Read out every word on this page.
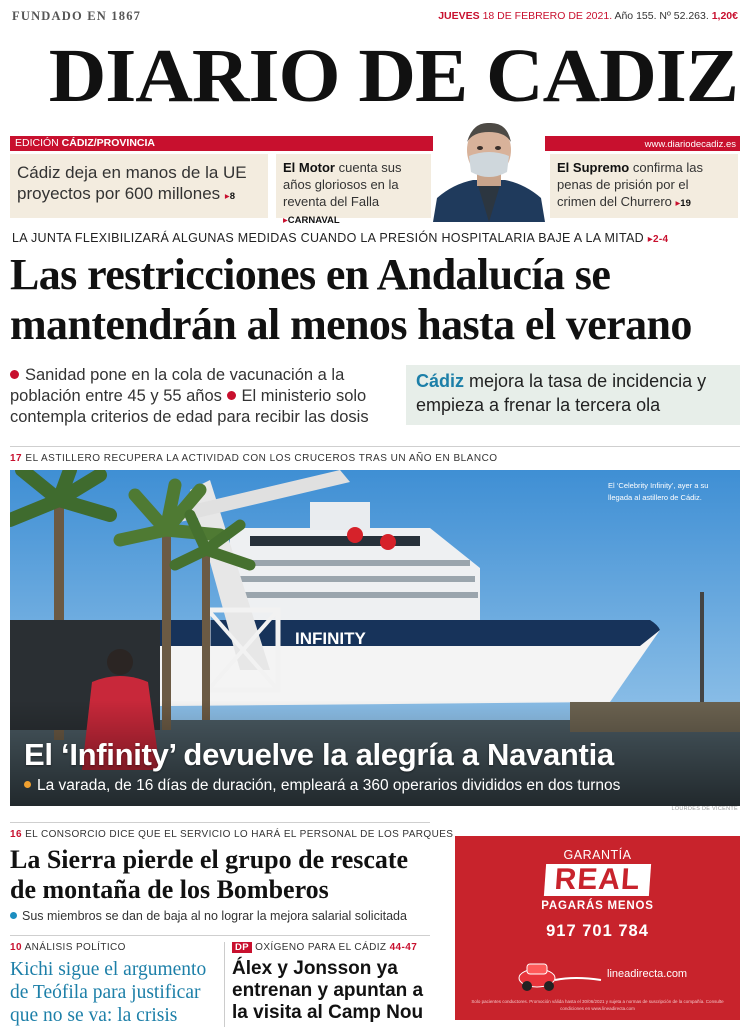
FUNDADO EN 1867	JUEVES 18 DE FEBRERO DE 2021. Año 155. Nº 52.263. 1,20€
DIARIO DE CADIZ
EDICIÓN CÁDIZ/PROVINCIA	www.diariodecadiz.es
Cádiz deja en manos de la UE proyectos por 600 millones ▸8
El Motor cuenta sus años gloriosos en la reventa del Falla ▸CARNAVAL
El Supremo confirma las penas de prisión por el crimen del Churrero ▸19
LA JUNTA FLEXIBILIZARÁ ALGUNAS MEDIDAS CUANDO LA PRESIÓN HOSPITALARIA BAJE A LA MITAD ▸2-4
Las restricciones en Andalucía se mantendrán al menos hasta el verano
Sanidad pone en la cola de vacunación a la población entre 45 y 55 años El ministerio solo contempla criterios de edad para recibir las dosis
Cádiz mejora la tasa de incidencia y empieza a frenar la tercera ola
17 EL ASTILLERO RECUPERA LA ACTIVIDAD CON LOS CRUCEROS TRAS UN AÑO EN BLANCO
INFINITY
El ‘Celebrity Infinity’, ayer a su llegada al astillero de Cádiz.
El ‘Infinity’ devuelve la alegría a Navantia
La varada, de 16 días de duración, empleará a 360 operarios divididos en dos turnos
LOURDES DE VICENTE
16 EL CONSORCIO DICE QUE EL SERVICIO LO HARÁ EL PERSONAL DE LOS PARQUES
La Sierra pierde el grupo de rescate de montaña de los Bomberos
Sus miembros se dan de baja al no lograr la mejora salarial solicitada
10 ANÁLISIS POLÍTICO
Kichi sigue el argumento de Teófila para justificar que no se va: la crisis
DP OXÍGENO PARA EL CÁDIZ 44-47
Álex y Jonsson ya entrenan y apuntan a la visita al Camp Nou
GARANTÍA
REAL
PAGARÁS MENOS
917 701 784
lineadirecta.com
Solo pacientes conductores. Promoción válida hasta el 30/06/2021 y sujeta a normas de suscripción de la compañía. Consulte condiciones en www.lineadirecta.com
